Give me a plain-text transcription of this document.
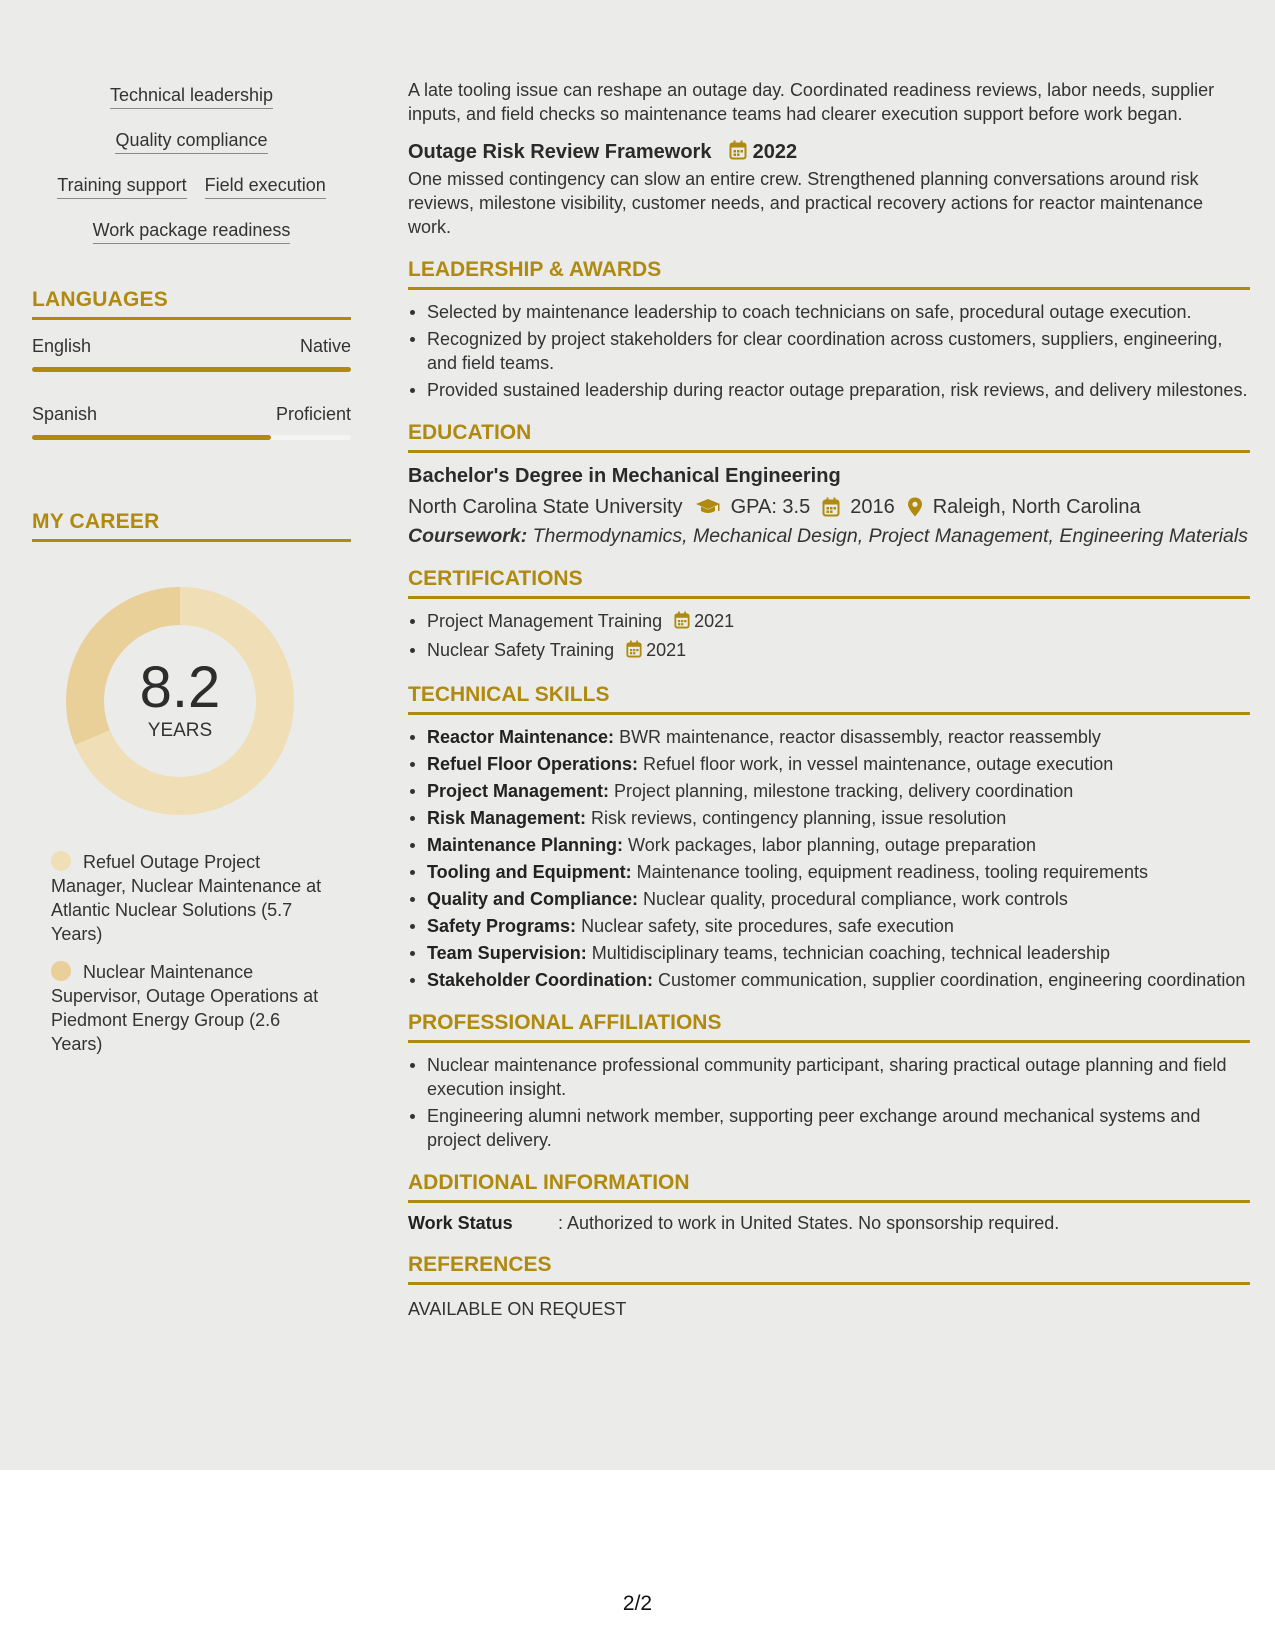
Technical leadership
Quality compliance
Training support Field execution
Work package readiness
LANGUAGES
English	Native
Spanish	Proficient
MY CAREER
8.2
YEARS
Refuel Outage Project Manager, Nuclear Maintenance at Atlantic Nuclear Solutions (5.7 Years)
Nuclear Maintenance Supervisor, Outage Operations at Piedmont Energy Group (2.6 Years)
A late tooling issue can reshape an outage day. Coordinated readiness reviews, labor needs, supplier inputs, and field checks so maintenance teams had clearer execution support before work began.
Outage Risk Review Framework 2022
One missed contingency can slow an entire crew. Strengthened planning conversations around risk reviews, milestone visibility, customer needs, and practical recovery actions for reactor maintenance work.
LEADERSHIP & AWARDS
Selected by maintenance leadership to coach technicians on safe, procedural outage execution.
Recognized by project stakeholders for clear coordination across customers, suppliers, engineering, and field teams.
Provided sustained leadership during reactor outage preparation, risk reviews, and delivery milestones.
EDUCATION
Bachelor's Degree in Mechanical Engineering
North Carolina State University GPA: 3.5 2016 Raleigh, North Carolina
Coursework: Thermodynamics, Mechanical Design, Project Management, Engineering Materials
CERTIFICATIONS
Project Management Training 2021
Nuclear Safety Training 2021
TECHNICAL SKILLS
Reactor Maintenance: BWR maintenance, reactor disassembly, reactor reassembly
Refuel Floor Operations: Refuel floor work, in vessel maintenance, outage execution
Project Management: Project planning, milestone tracking, delivery coordination
Risk Management: Risk reviews, contingency planning, issue resolution
Maintenance Planning: Work packages, labor planning, outage preparation
Tooling and Equipment: Maintenance tooling, equipment readiness, tooling requirements
Quality and Compliance: Nuclear quality, procedural compliance, work controls
Safety Programs: Nuclear safety, site procedures, safe execution
Team Supervision: Multidisciplinary teams, technician coaching, technical leadership
Stakeholder Coordination: Customer communication, supplier coordination, engineering coordination
PROFESSIONAL AFFILIATIONS
Nuclear maintenance professional community participant, sharing practical outage planning and field execution insight.
Engineering alumni network member, supporting peer exchange around mechanical systems and project delivery.
ADDITIONAL INFORMATION
Work Status	: Authorized to work in United States. No sponsorship required.
REFERENCES
AVAILABLE ON REQUEST
2/2
